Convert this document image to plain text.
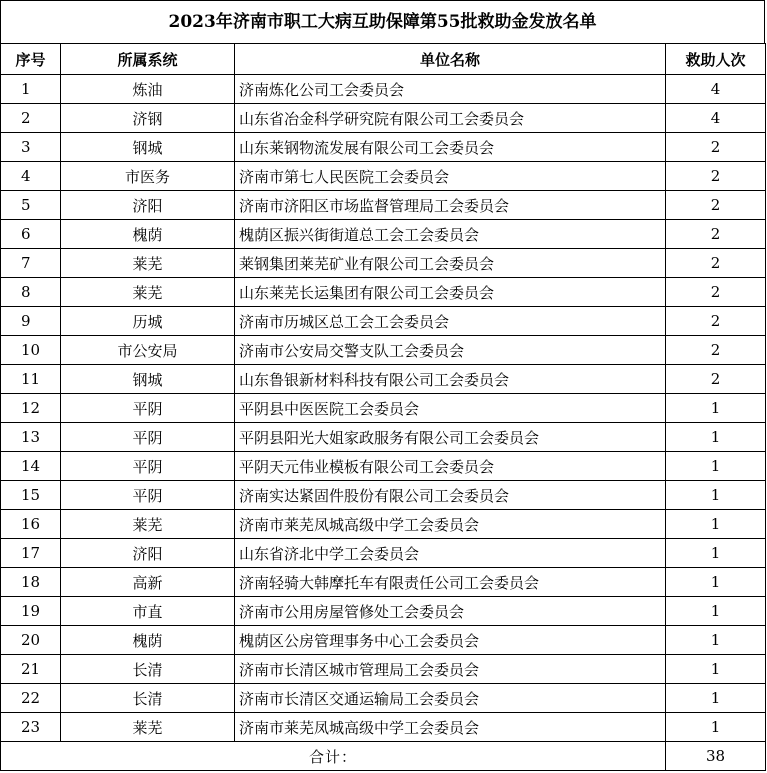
2023年济南市职工大病互助保障第55批救助金发放名单
序号	所属系统	单位名称	救助人次
1	炼油	济南炼化公司工会委员会	4
2	济钢	山东省冶金科学研究院有限公司工会委员会	4
3	钢城	山东莱钢物流发展有限公司工会委员会	2
4	市医务	济南市第七人民医院工会委员会	2
5	济阳	济南市济阳区市场监督管理局工会委员会	2
6	槐荫	槐荫区振兴街街道总工会工会委员会	2
7	莱芜	莱钢集团莱芜矿业有限公司工会委员会	2
8	莱芜	山东莱芜长运集团有限公司工会委员会	2
9	历城	济南市历城区总工会工会委员会	2
10	市公安局	济南市公安局交警支队工会委员会	2
11	钢城	山东鲁银新材料科技有限公司工会委员会	2
12	平阴	平阴县中医医院工会委员会	1
13	平阴	平阴县阳光大姐家政服务有限公司工会委员会	1
14	平阴	平阴天元伟业模板有限公司工会委员会	1
15	平阴	济南实达紧固件股份有限公司工会委员会	1
16	莱芜	济南市莱芜凤城高级中学工会委员会	1
17	济阳	山东省济北中学工会委员会	1
18	高新	济南轻骑大韩摩托车有限责任公司工会委员会	1
19	市直	济南市公用房屋管修处工会委员会	1
20	槐荫	槐荫区公房管理事务中心工会委员会	1
21	长清	济南市长清区城市管理局工会委员会	1
22	长清	济南市长清区交通运输局工会委员会	1
23	莱芜	济南市莱芜凤城高级中学工会委员会	1
合计：			38
